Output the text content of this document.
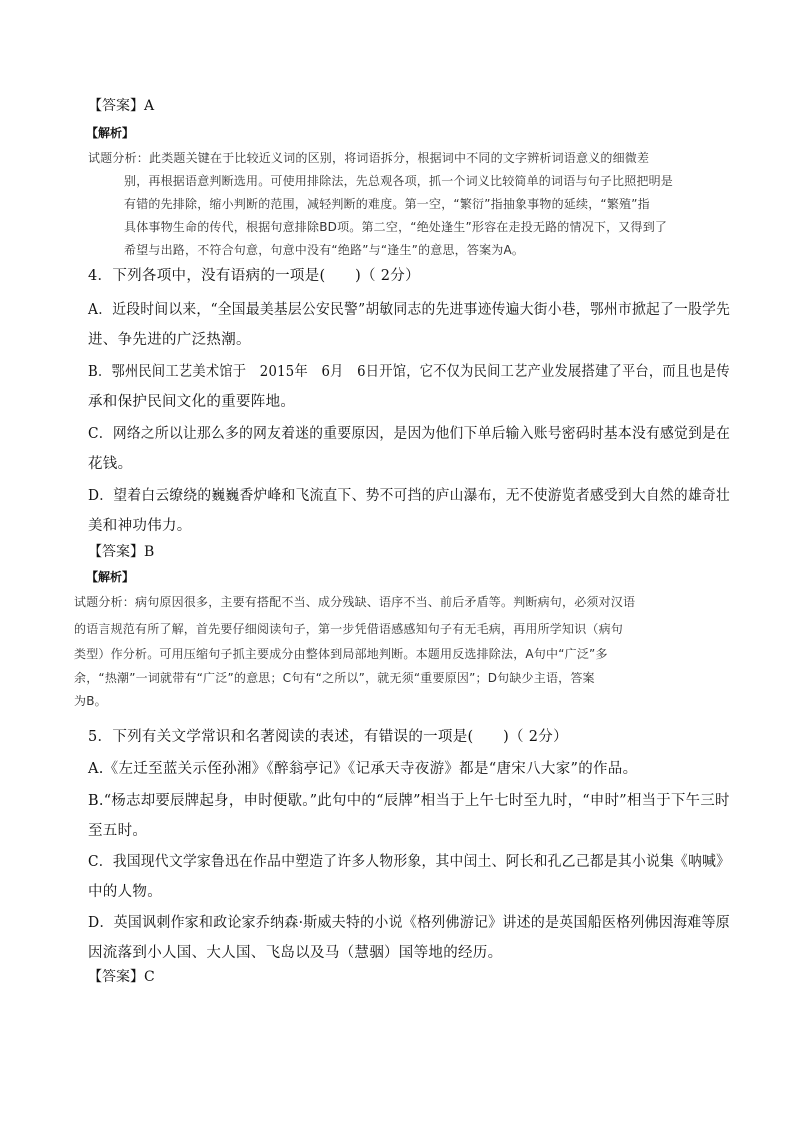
【答案】A
【解析】
试题分析：此类题关键在于比较近义词的区别，将词语拆分，根据词中不同的文字辨析词语意义的细微差
别，再根据语意判断选用。可使用排除法，先总观各项，抓一个词义比较简单的词语与句子比照把明是
有错的先排除，缩小判断的范围，减轻判断的难度。第一空，“繁衍”指抽象事物的延续，“繁殖”指
具体事物生命的传代，根据句意排除BD项。第二空，“绝处逢生”形容在走投无路的情况下，又得到了
希望与出路，不符合句意，句意中没有“绝路”与“逢生”的意思，答案为A。
4．下列各项中，没有语病的一项是(　　)（ 2分）
A．近段时间以来，“全国最美基层公安民警”胡敏同志的先进事迹传遍大街小巷，鄂州市掀起了一股学先
进、争先进的广泛热潮。
B．鄂州民间工艺美术馆于　2015年　6月　6日开馆，它不仅为民间工艺产业发展搭建了平台，而且也是传
承和保护民间文化的重要阵地。
C．网络之所以让那么多的网友着迷的重要原因，是因为他们下单后输入账号密码时基本没有感觉到是在
花钱。
D．望着白云缭绕的巍巍香炉峰和飞流直下、势不可挡的庐山瀑布，无不使游览者感受到大自然的雄奇壮
美和神功伟力。
【答案】B
【解析】
试题分析：病句原因很多，主要有搭配不当、成分残缺、语序不当、前后矛盾等。判断病句，必须对汉语
的语言规范有所了解，首先要仔细阅读句子，第一步凭借语感感知句子有无毛病，再用所学知识（病句
类型）作分析。可用压缩句子抓主要成分由整体到局部地判断。本题用反选排除法，A句中“广泛”多
余，“热潮”一词就带有“广泛”的意思；C句有“之所以”，就无须“重要原因”；D句缺少主语，答案
为B。
5．下列有关文学常识和名著阅读的表述，有错误的一项是(　　)（ 2分）
A.《左迁至蓝关示侄孙湘》《醉翁亭记》《记承天寺夜游》都是“唐宋八大家”的作品。
B.“杨志却要辰牌起身，申时便歇。”此句中的“辰牌”相当于上午七时至九时，“申时”相当于下午三时
至五时。
C．我国现代文学家鲁迅在作品中塑造了许多人物形象，其中闰土、阿长和孔乙己都是其小说集《呐喊》
中的人物。
D．英国讽刺作家和政论家乔纳森·斯威夫特的小说《格列佛游记》讲述的是英国船医格列佛因海难等原
因流落到小人国、大人国、飞岛以及马（慧骃）国等地的经历。
【答案】C
